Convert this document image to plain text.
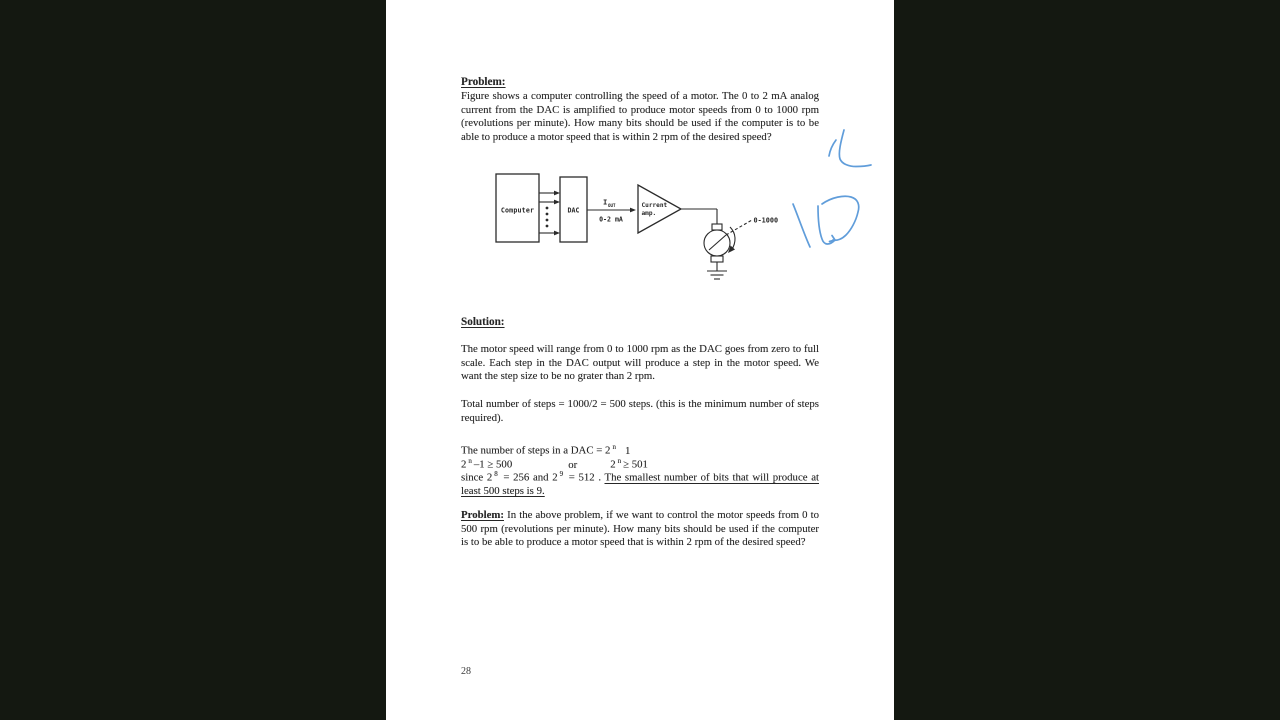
Problem:
Figure shows a computer controlling the speed of a motor. The 0 to 2 mA analog current from the DAC is amplified to produce motor speeds from 0 to 1000 rpm (revolutions per minute). How many bits should be used if the computer is to be able to produce a motor speed that is within 2 rpm of the desired speed?
Computer	DAC
I OUT
0-2 mA
Current
amp.
0-1000
Solution:
The motor speed will range from 0 to 1000 rpm as the DAC goes from zero to full scale. Each step in the DAC output will produce a step in the motor speed. We want the step size to be no grater than 2 rpm.
Total number of steps = 1000/2 = 500 steps. (this is the minimum number of steps required).
The number of steps in a DAC = 2 $^n$ 1
2 $^n$ –1 ≥ 500	or	2 $^n$ ≥ 501
since 2 $^8$ = 256 and 2 $^9$ = 512 . The smallest number of bits that will produce at least 500 steps is 9.
Problem: In the above problem, if we want to control the motor speeds from 0 to 500 rpm (revolutions per minute). How many bits should be used if the computer is to be able to produce a motor speed that is within 2 rpm of the desired speed?
28
